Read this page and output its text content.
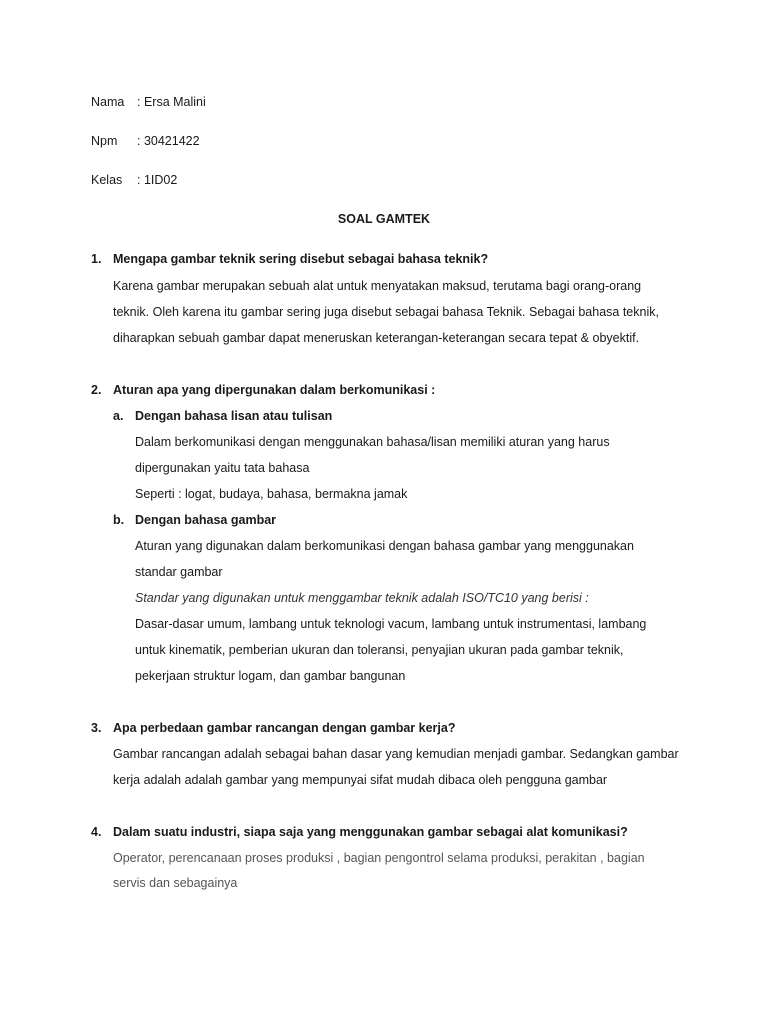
Nama : Ersa Malini
Npm : 30421422
Kelas : 1ID02
SOAL GAMTEK
1. Mengapa gambar teknik sering disebut sebagai bahasa teknik?
Karena gambar merupakan sebuah alat untuk menyatakan maksud, terutama bagi orang-orang
teknik. Oleh karena itu gambar sering juga disebut sebagai bahasa Teknik. Sebagai bahasa teknik,
diharapkan sebuah gambar dapat meneruskan keterangan-keterangan secara tepat & obyektif.
2. Aturan apa yang dipergunakan dalam berkomunikasi :
a. Dengan bahasa lisan atau tulisan
Dalam berkomunikasi dengan menggunakan bahasa/lisan memiliki aturan yang harus
dipergunakan yaitu tata bahasa
Seperti : logat, budaya, bahasa, bermakna jamak
b. Dengan bahasa gambar
Aturan yang digunakan dalam berkomunikasi dengan bahasa gambar yang menggunakan
standar gambar
Standar yang digunakan untuk menggambar teknik adalah ISO/TC10 yang berisi :
Dasar-dasar umum, lambang untuk teknologi vacum, lambang untuk instrumentasi, lambang
untuk kinematik, pemberian ukuran dan toleransi, penyajian ukuran pada gambar teknik,
pekerjaan struktur logam, dan gambar bangunan
3. Apa perbedaan gambar rancangan dengan gambar kerja?
Gambar rancangan adalah sebagai bahan dasar yang kemudian menjadi gambar. Sedangkan gambar
kerja adalah adalah gambar yang mempunyai sifat mudah dibaca oleh pengguna gambar
4. Dalam suatu industri, siapa saja yang menggunakan gambar sebagai alat komunikasi?
Operator, perencanaan proses produksi , bagian pengontrol selama produksi, perakitan , bagian
servis dan sebagainya
